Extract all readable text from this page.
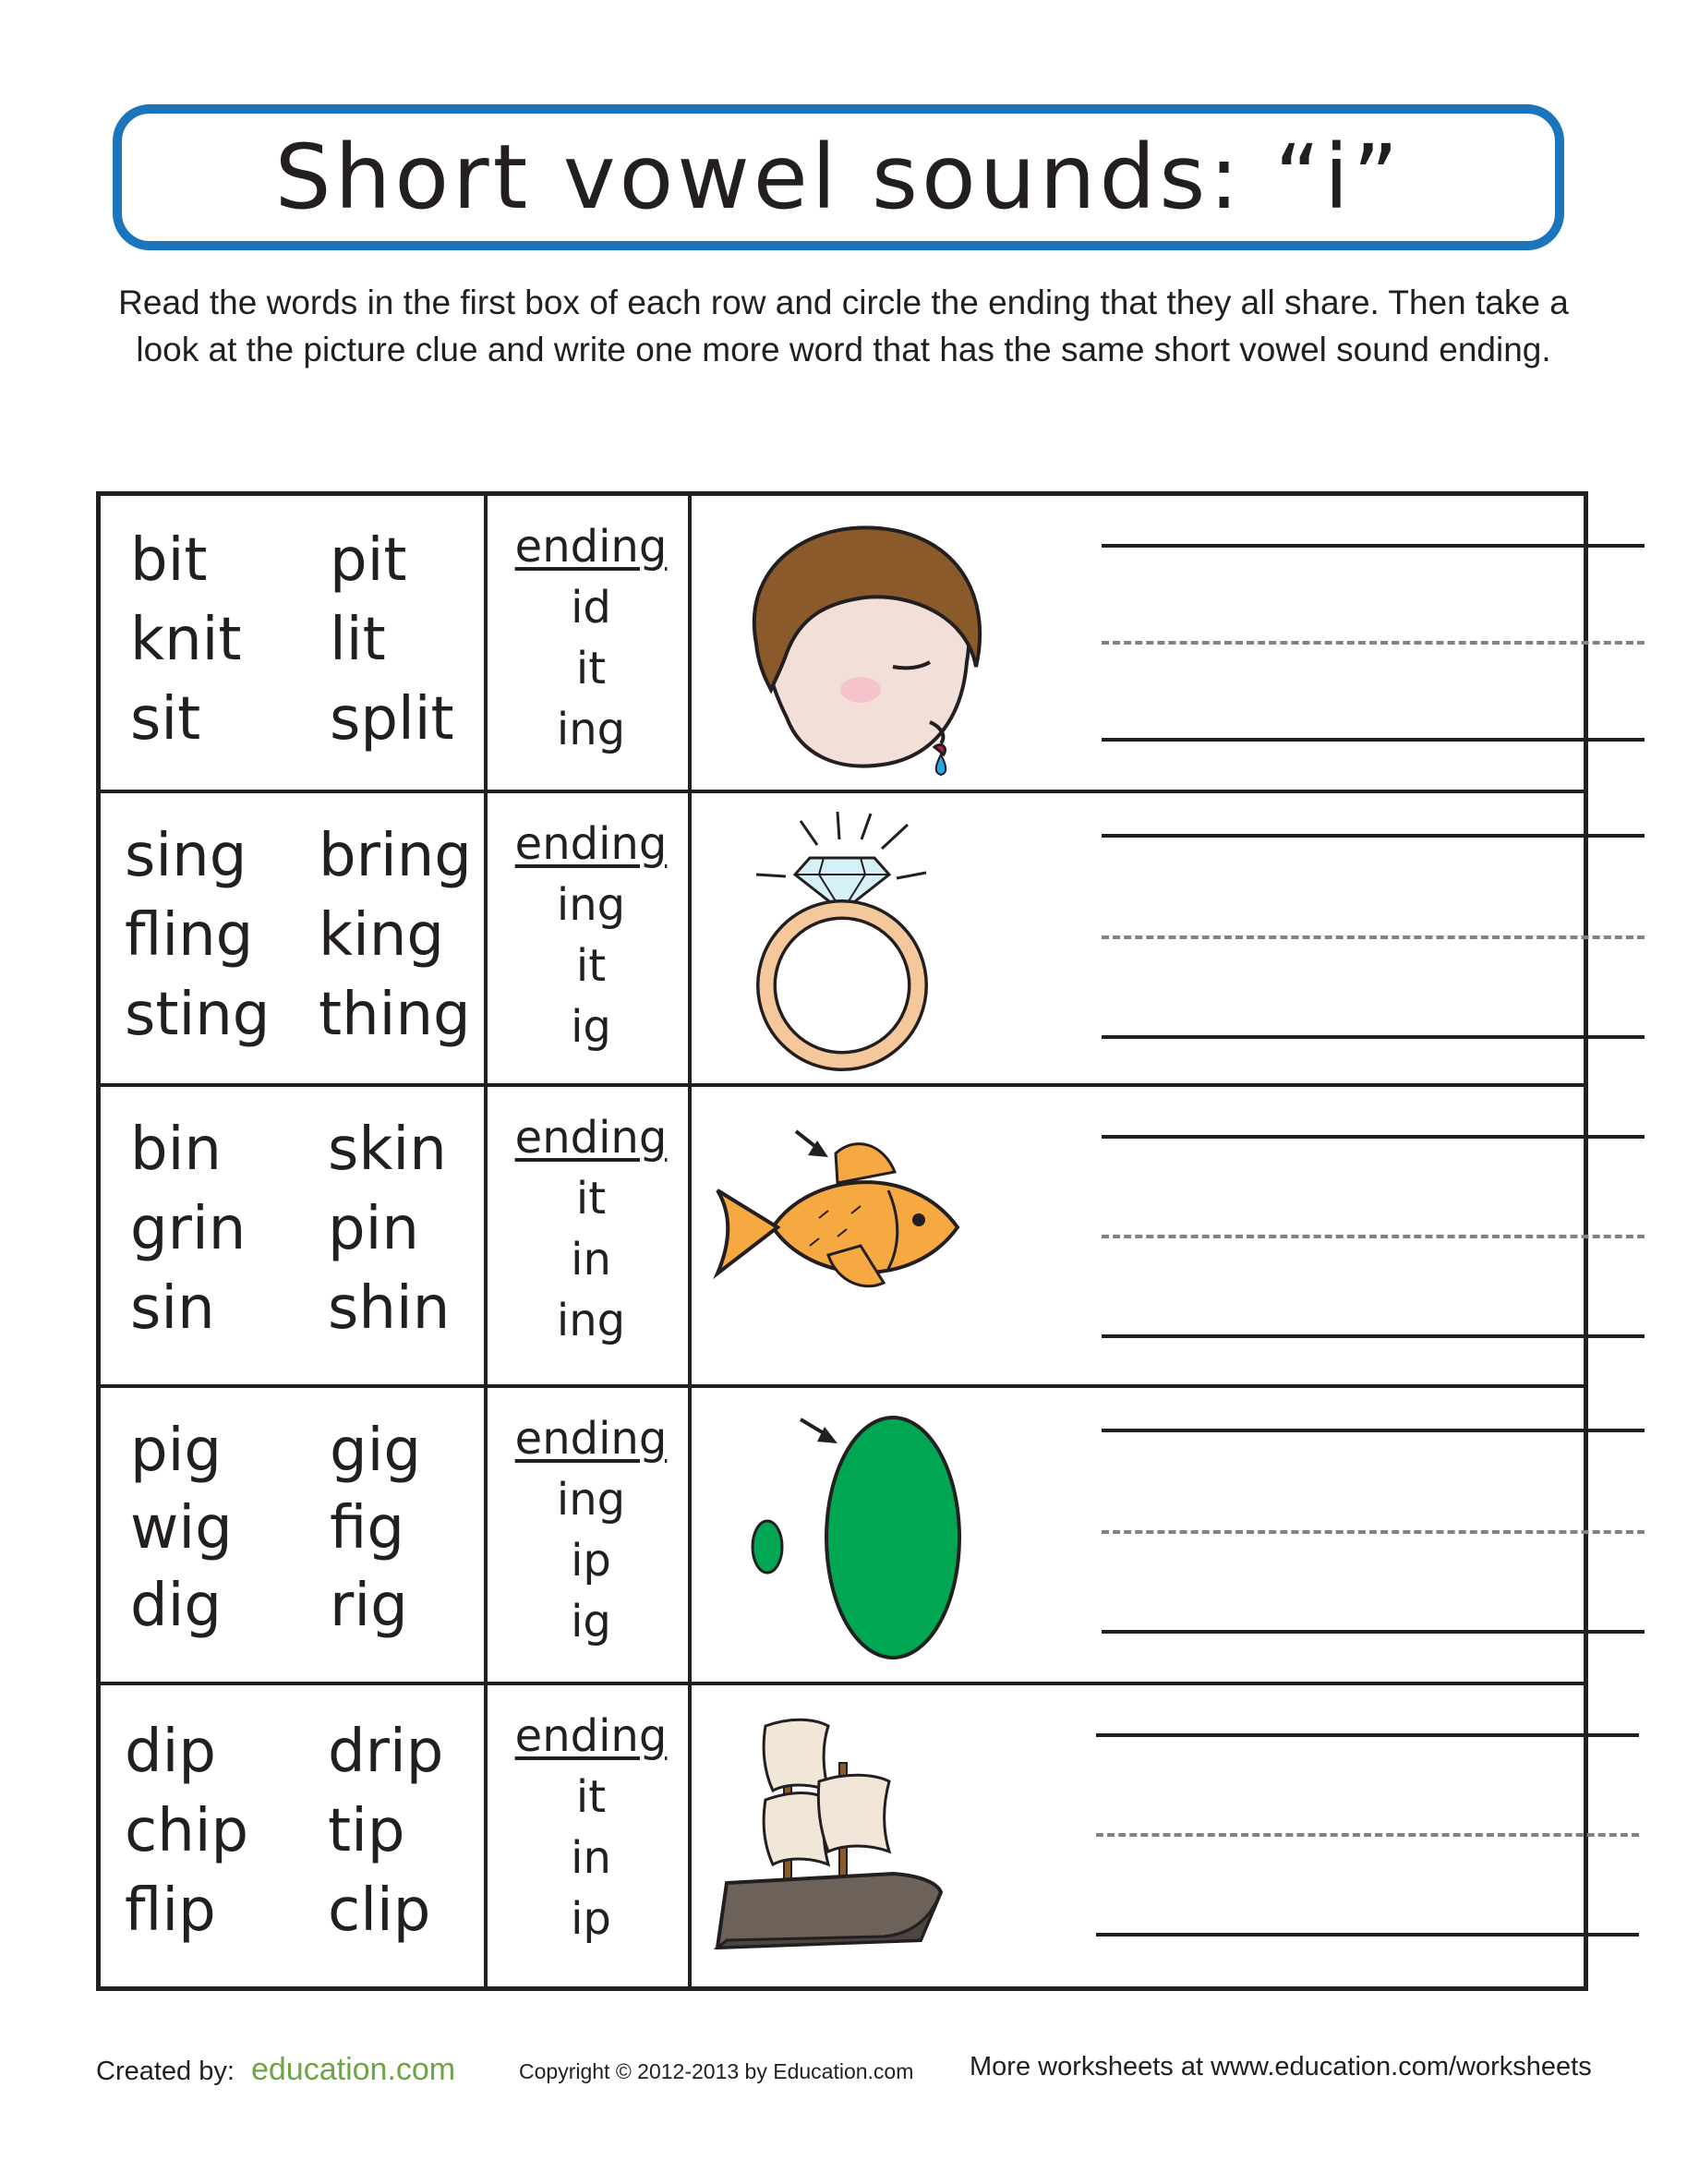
Short vowel sounds: “i”
Read the words in the first box of each row and circle the ending that they all share. Then take a look at the picture clue and write one more word that has the same short vowel sound ending.
bit pit
knit lit
sit split
ending
id
it
ing
sing bring
fling king
sting thing
ending
ing
it
ig
bin skin
grin pin
sin shin
ending
it
in
ing
pig gig
wig fig
dig rig
ending
ing
ip
ig
dip drip
chip tip
flip clip
ending
it
in
ip
Created by: education.com	Copyright © 2012-2013 by Education.com More worksheets at www.education.com/worksheets
